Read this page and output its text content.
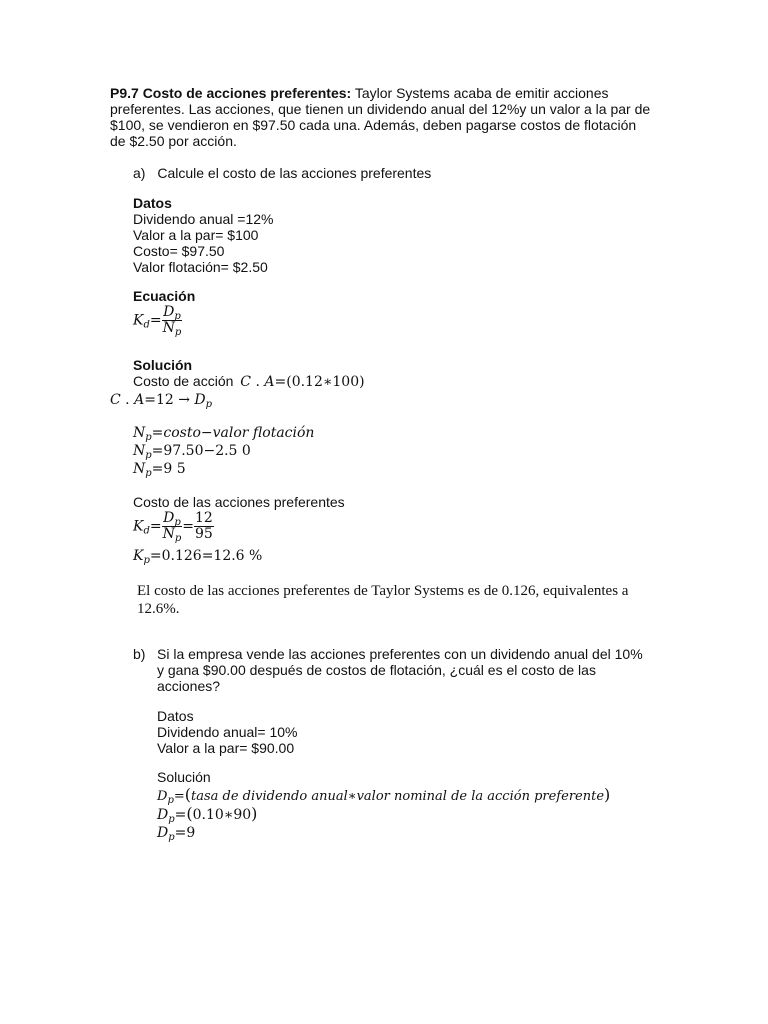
P9.7 Costo de acciones preferentes: Taylor Systems acaba de emitir acciones

preferentes. Las acciones, que tienen un dividendo anual del 12%y un valor a la par de

$100, se vendieron en $97.50 cada una. Además, deben pagarse costos de flotación

de $2.50 por acción.

a) Calcule el costo de las acciones preferentes

Datos

Dividendo anual =12%

Valor a la par= $100

Costo= $97.50

Valor flotación= $2.50

Ecuación

$K_d= \frac{D_p}{N_p}$

Solución

Costo de acción C . A=(0.12∗100)
C . $A=12 \to D_p$
$N_p=costo-valor$ flotación
$N_p=97.50-2.5$ 0
$N_p=9$ 5
Costo de las acciones preferentes
$K_d= \frac{D_p}{N_p} = \frac{12}{95}$
$K_p=0.126=12.6$ %

El costo de las acciones preferentes de Taylor Systems es de 0.126, equivalentes a

12.6%.

b) Si la empresa vende las acciones preferentes con un dividendo anual del 10%

y gana $90.00 después de costos de flotación, ¿cuál es el costo de las

acciones?

Datos

Dividendo anual= 10%

Valor a la par= $90.00

Solución
$D_p=(tasa$ de dividendo anual∗valor nominal de la acción preferente)
$D_p=(0.10∗90)$
$D_p=9$
